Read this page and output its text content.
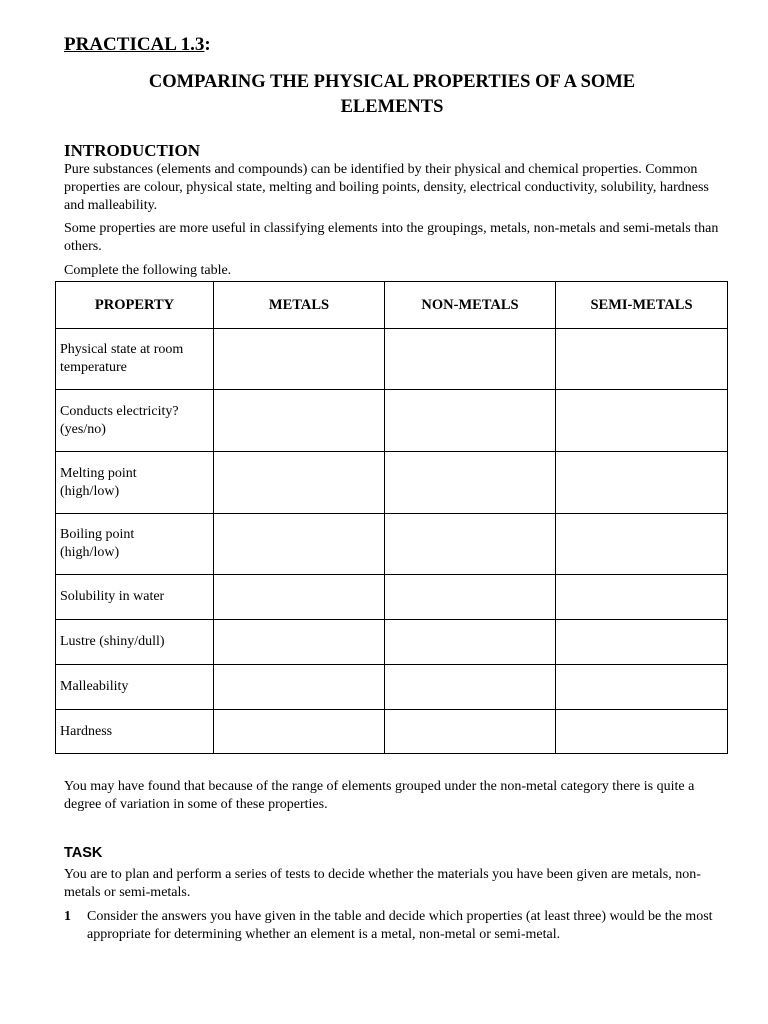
PRACTICAL 1.3:
COMPARING THE PHYSICAL PROPERTIES OF A SOME
ELEMENTS
INTRODUCTION
Pure substances (elements and compounds) can be identified by their physical and chemical properties. Common properties are colour, physical state, melting and boiling points, density, electrical conductivity, solubility, hardness and malleability.
Some properties are more useful in classifying elements into the groupings, metals, non-metals and semi-metals than others.
Complete the following table.
PROPERTY	METALS	NON-METALS	SEMI-METALS

Physical state at room
temperature			

Conducts electricity?
(yes/no)			

Melting point
(high/low)			

Boiling point
(high/low)			

Solubility in water			

Lustre (shiny/dull)			

Malleability			

Hardness			

You may have found that because of the range of elements grouped under the non-metal category there is quite a degree of variation in some of these properties.
TASK
You are to plan and perform a series of tests to decide whether the materials you have been given are metals, non-metals or semi-metals.
1 Consider the answers you have given in the table and decide which properties (at least three) would be the most appropriate for determining whether an element is a metal, non-metal or semi-metal.
